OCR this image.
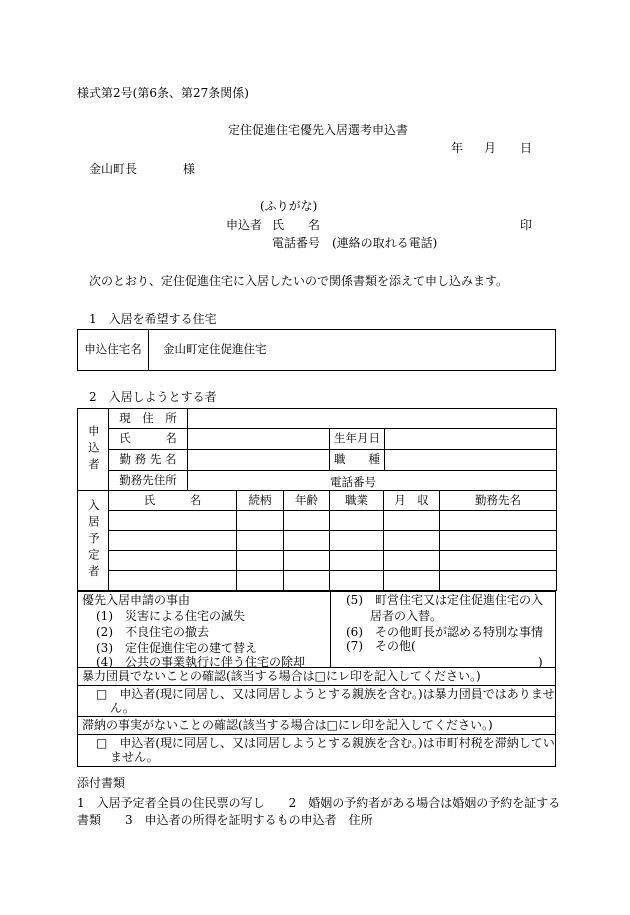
様式第2号(第6条、第27条関係)
定住促進住宅優先入居選考申込書
年 月 日
金山町長	様
(ふりがな)
申込者 氏　　名	印
電話番号　(連絡の取れる電話)
次のとおり、定住促進住宅に入居したいので関係書類を添えて申し込みます。
1　入居を希望する住宅
申込住宅名	金山町定住促進住宅
2　入居しようとする者
申込者	現　住　所			
	氏　　　名		生年月日	
	勤 務 先 名		職　　種	
	勤務先住所	電話番号		
入居予定者	氏　　　名	続柄	年齢	職業	月　収	勤務先名

優先入居申請の事由
(1)　災害による住宅の滅失
(2)　不良住宅の撤去
(3)　定住促進住宅の建て替え
(4)　公共の事業執行に伴う住宅の除却
(5)　町営住宅又は定住促進住宅の入
居者の入替。
(6)　その他町長が認める特別な事情
(7)　その他(
)
暴力団員でないことの確認(該当する場合は□にレ印を記入してください。)
□　申込者(現に同居し、又は同居しようとする親族を含む。)は暴力団員ではありませ
ん。
滞納の事実がないことの確認(該当する場合は□にレ印を記入してください。)
□　申込者(現に同居し、又は同居しようとする親族を含む。)は市町村税を滞納してい
ません。
添付書類
1　入居予定者全員の住民票の写し　　2　婚姻の予約者がある場合は婚姻の予約を証する
書類　　3　申込者の所得を証明するもの申込者　住所
